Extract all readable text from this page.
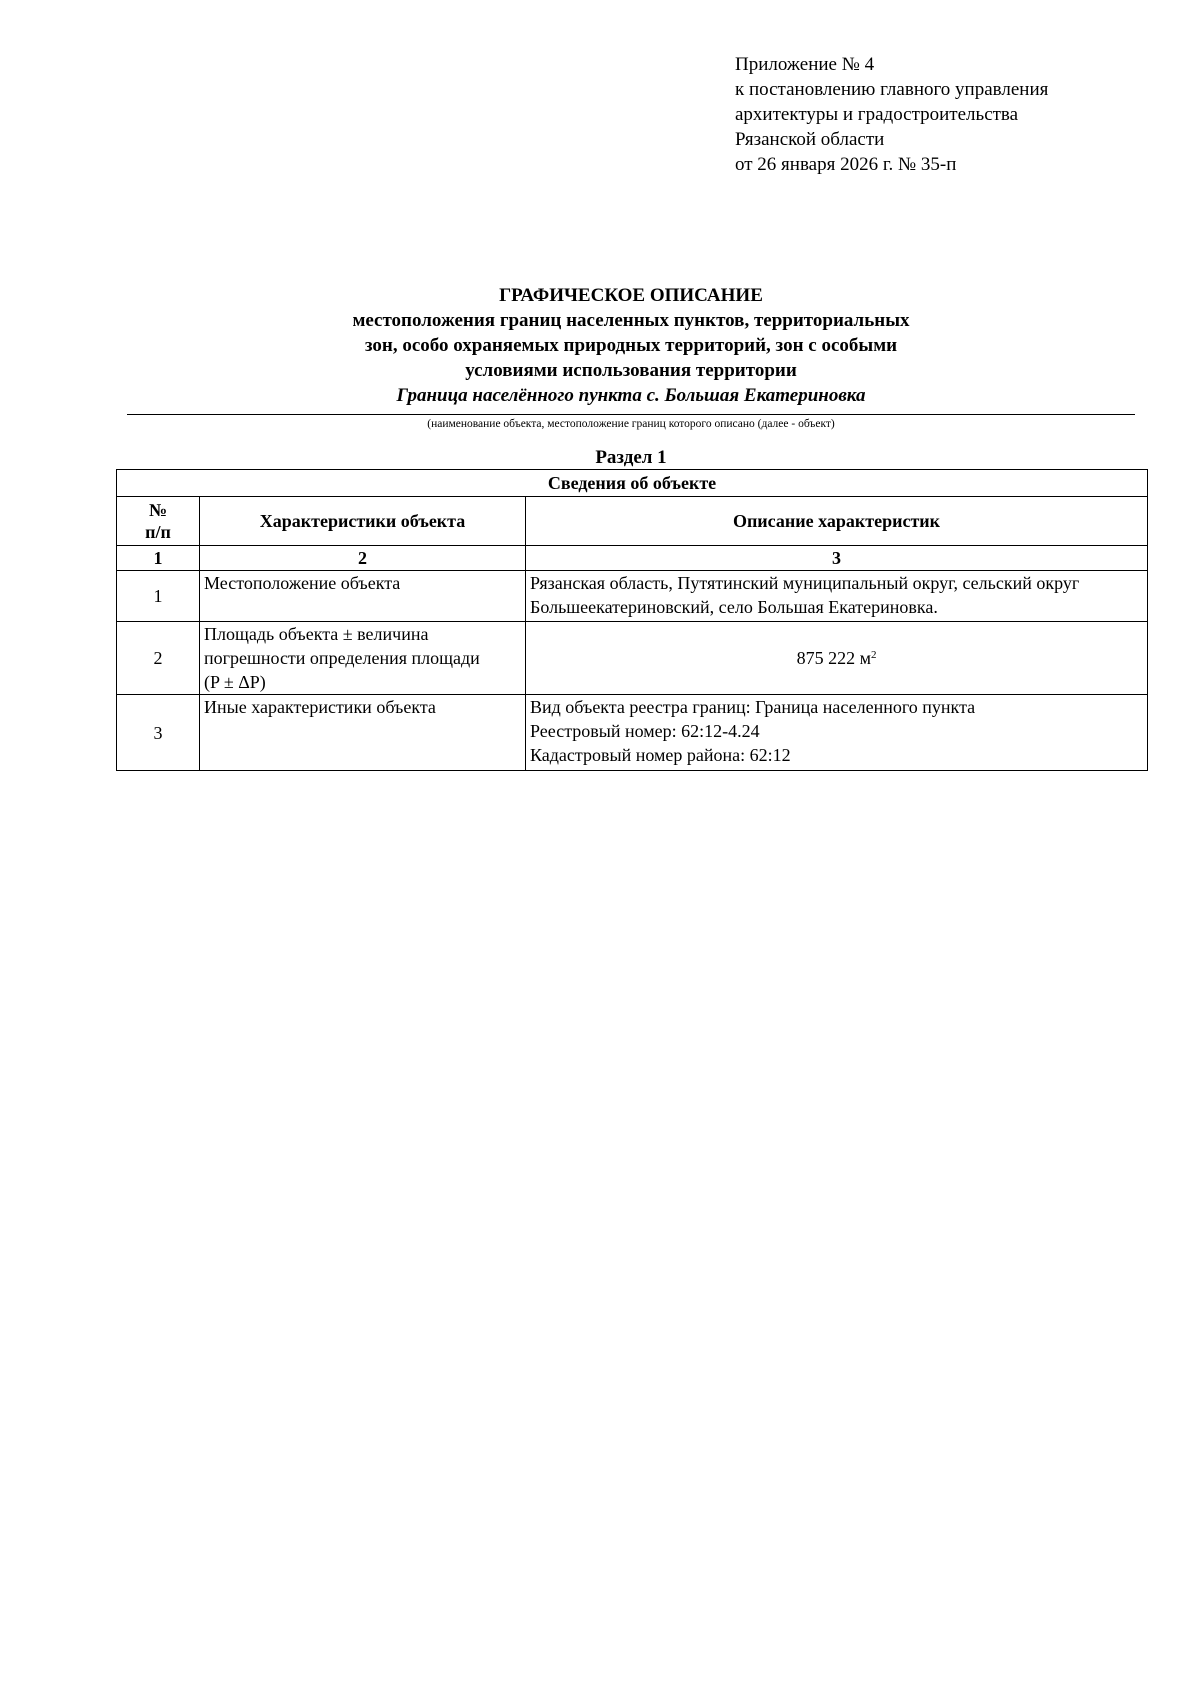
Приложение № 4
к постановлению главного управления
архитектуры и градостроительства
Рязанской области
от 26 января 2026 г. № 35-п
ГРАФИЧЕСКОЕ ОПИСАНИЕ
местоположения границ населенных пунктов, территориальных
зон, особо охраняемых природных территорий, зон с особыми
условиями использования территории
Граница населённого пункта с. Большая Екатериновка
(наименование объекта, местоположение границ которого описано (далее - объект)
Раздел 1
Сведения об объекте		

№
п/п	Характеристики объекта	Описание характеристик
1	2	3
1	Местоположение объекта	Рязанская область, Путятинский муниципальный округ, сельский округ Большеекатериновский, село Большая Екатериновка.
2	Площадь объекта ± величина
погрешности определения площади
(P ± ΔP)	875 222 $м^2$
3	Иные характеристики объекта	Вид объекта реестра границ: Граница населенного пункта
Реестровый номер: 62:12-4.24
Кадастровый номер района: 62:12
